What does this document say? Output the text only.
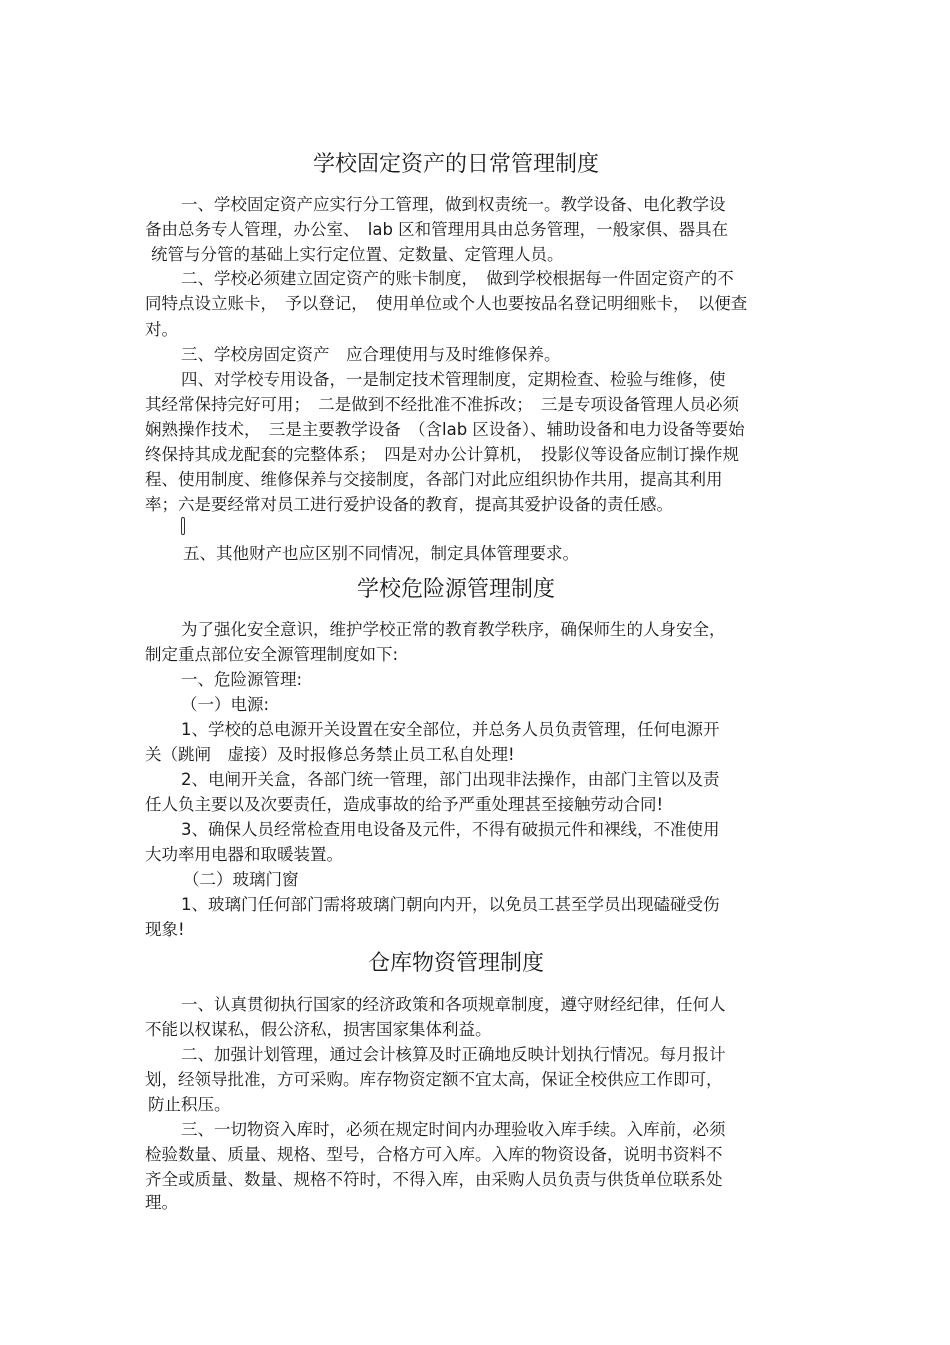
学校固定资产的日常管理制度
一、学校固定资产应实行分工管理，做到权责统一。教学设备、电化教学设
备由总务专人管理，办公室、　lab 区和管理用具由总务管理，一般家俱、器具在
统管与分管的基础上实行定位置、定数量、定管理人员。
二、学校必须建立固定资产的账卡制度，　做到学校根据每一件固定资产的不
同特点设立账卡，　予以登记，　使用单位或个人也要按品名登记明细账卡，　以便查
对。
三、学校房固定资产　应合理使用与及时维修保养。
四、对学校专用设备，一是制定技术管理制度，定期检查、检验与维修，使
其经常保持完好可用；　二是做到不经批准不准拆改；　三是专项设备管理人员必须
娴熟操作技术，　三是主要教学设备　（含lab 区设备）、辅助设备和电力设备等要始
终保持其成龙配套的完整体系；　四是对办公计算机，　投影仪等设备应制订操作规
程、使用制度、维修保养与交接制度，各部门对此应组织协作共用，提高其利用
率；六是要经常对员工进行爱护设备的教育，提高其爱护设备的责任感。
五、其他财产也应区别不同情况，制定具体管理要求。
学校危险源管理制度
为了强化安全意识，维护学校正常的教育教学秩序，确保师生的人身安全，
制定重点部位安全源管理制度如下:
一、危险源管理:
（一）电源:
1、学校的总电源开关设置在安全部位，并总务人员负责管理，任何电源开
关（跳闸　虚接）及时报修总务禁止员工私自处理!
2、电闸开关盒，各部门统一管理，部门出现非法操作，由部门主管以及责
任人负主要以及次要责任，造成事故的给予严重处理甚至接触劳动合同!
3、确保人员经常检查用电设备及元件，不得有破损元件和裸线，不准使用
大功率用电器和取暖装置。
（二）玻璃门窗
1、玻璃门任何部门需将玻璃门朝向内开，以免员工甚至学员出现磕碰受伤
现象!
仓库物资管理制度
一、认真贯彻执行国家的经济政策和各项规章制度，遵守财经纪律，任何人
不能以权谋私，假公济私，损害国家集体利益。
二、加强计划管理，通过会计核算及时正确地反映计划执行情况。每月报计
划，经领导批准，方可采购。库存物资定额不宜太高，保证全校供应工作即可，
防止积压。
三、一切物资入库时，必须在规定时间内办理验收入库手续。入库前，必须
检验数量、质量、规格、型号，合格方可入库。入库的物资设备，说明书资料不
齐全或质量、数量、规格不符时，不得入库，由采购人员负责与供货单位联系处
理。
